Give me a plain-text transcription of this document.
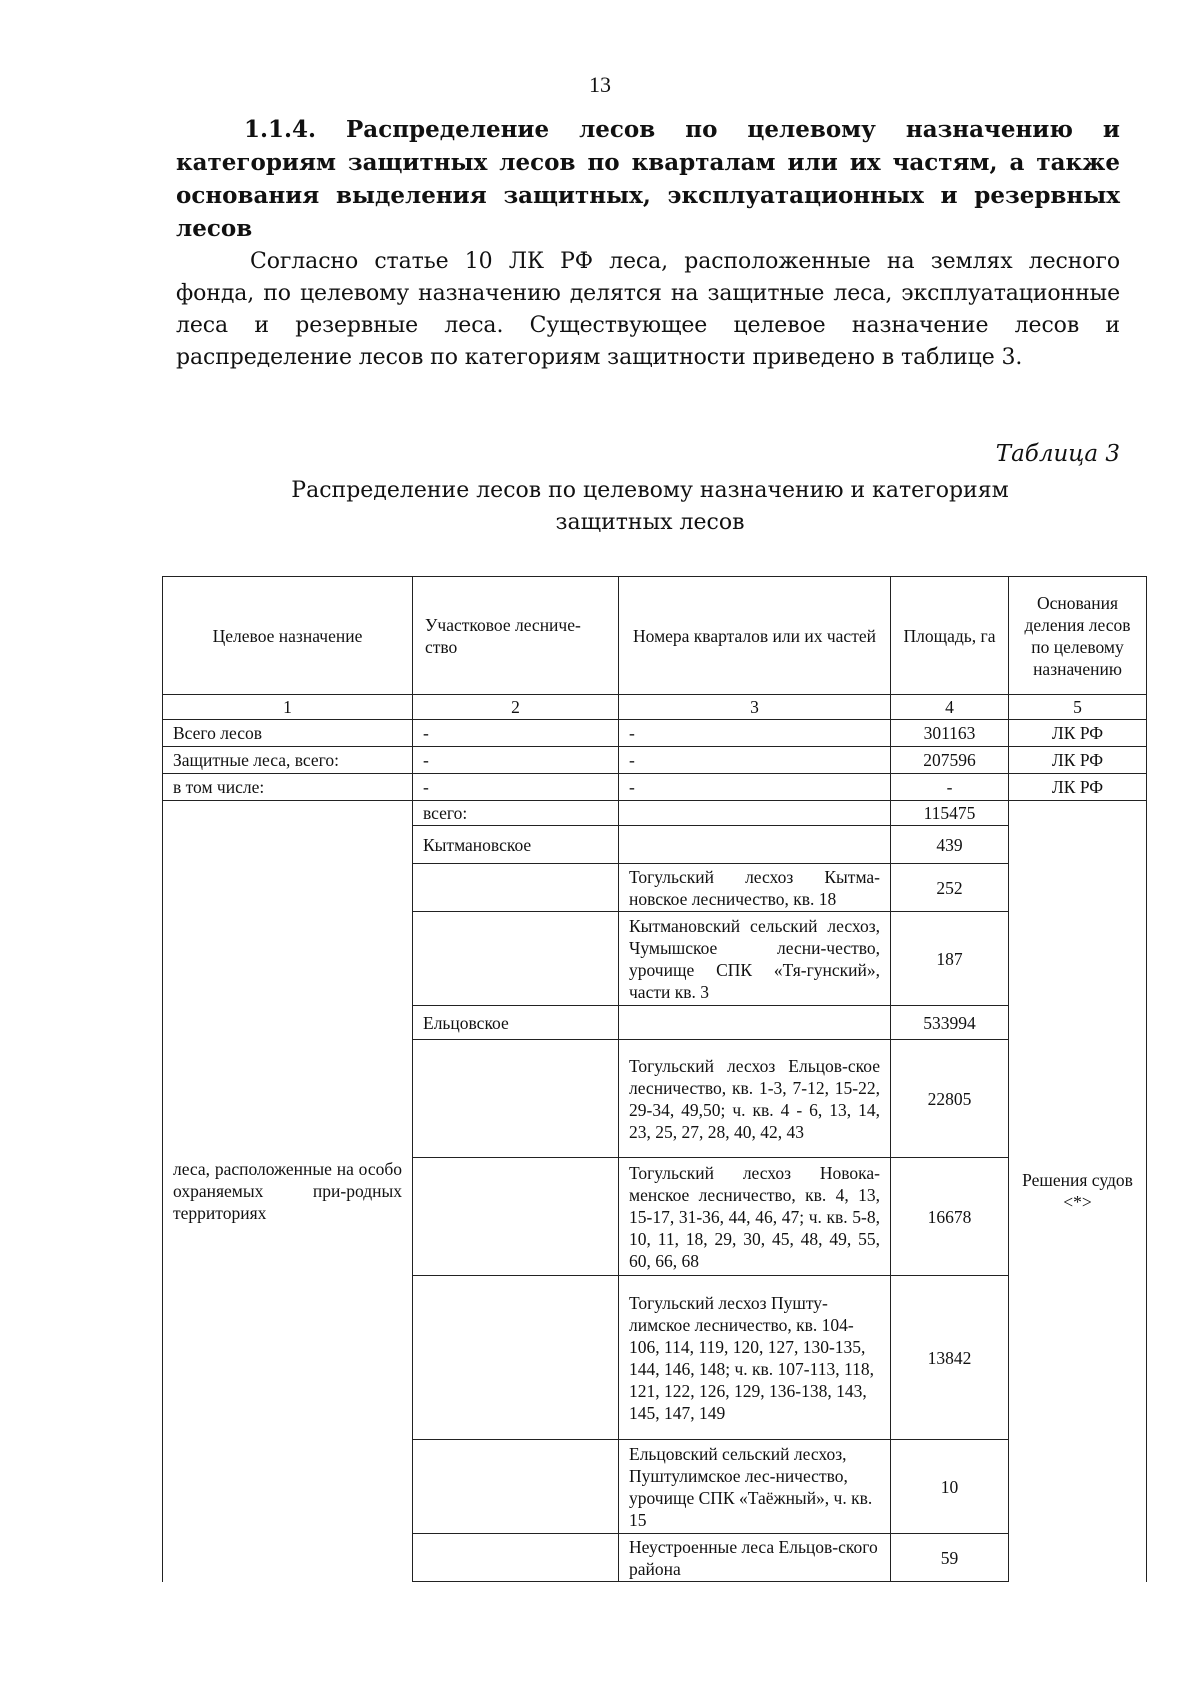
13

1.1.4. Распределение лесов по целевому назначению и категориям защитных лесов по кварталам или их частям, а также основания выделения защитных, эксплуатационных и резервных лесов

Согласно статье 10 ЛК РФ леса, расположенные на землях лесного фонда, по целевому назначению делятся на защитные леса, эксплуатационные леса и резервные леса. Существующее целевое назначение лесов и распределение лесов по категориям защитности приведено в таблице 3.

Таблица 3

Распределение лесов по целевому назначению и категориям защитных лесов

Целевое назначение	Участковое лесниче-ство	Номера кварталов или их частей	Площадь, га	Основания деления лесов по целевому назначению
1	2	3	4	5
Всего лесов	-	-	301163	ЛК РФ
Защитные леса, всего:	-	-	207596	ЛК РФ
в том числе:	-	-	-	ЛК РФ
леса, расположенные на особо охраняемых при-родных территориях	всего:		115475	Решения судов <*>
	Кытмановское		439	
		Тогульский лесхоз Кытма-новское лесничество, кв. 18	252	
		Кытмановский сельский лесхоз, Чумышское лесни-чество, урочище СПК «Тя-гунский», части кв. 3	187	
	Ельцовское		533994	
		Тогульский лесхоз Ельцов-ское лесничество, кв. 1-3, 7-12, 15-22, 29-34, 49,50; ч. кв. 4 - 6, 13, 14, 23, 25, 27, 28, 40, 42, 43	22805	
		Тогульский лесхоз Новока-менское лесничество, кв. 4, 13, 15-17, 31-36, 44, 46, 47; ч. кв. 5-8, 10, 11, 18, 29, 30, 45, 48, 49, 55, 60, 66, 68	16678	
		Тогульский лесхоз Пушту-лимское лесничество, кв. 104-106, 114, 119, 120, 127, 130-135, 144, 146, 148; ч. кв. 107-113, 118, 121, 122, 126, 129, 136-138, 143, 145, 147, 149	13842	
		Ельцовский сельский лесхоз, Пуштулимское лес-ничество, урочище СПК «Таёжный», ч. кв. 15	10	
		Неустроенные леса Ельцов-ского района	59	
